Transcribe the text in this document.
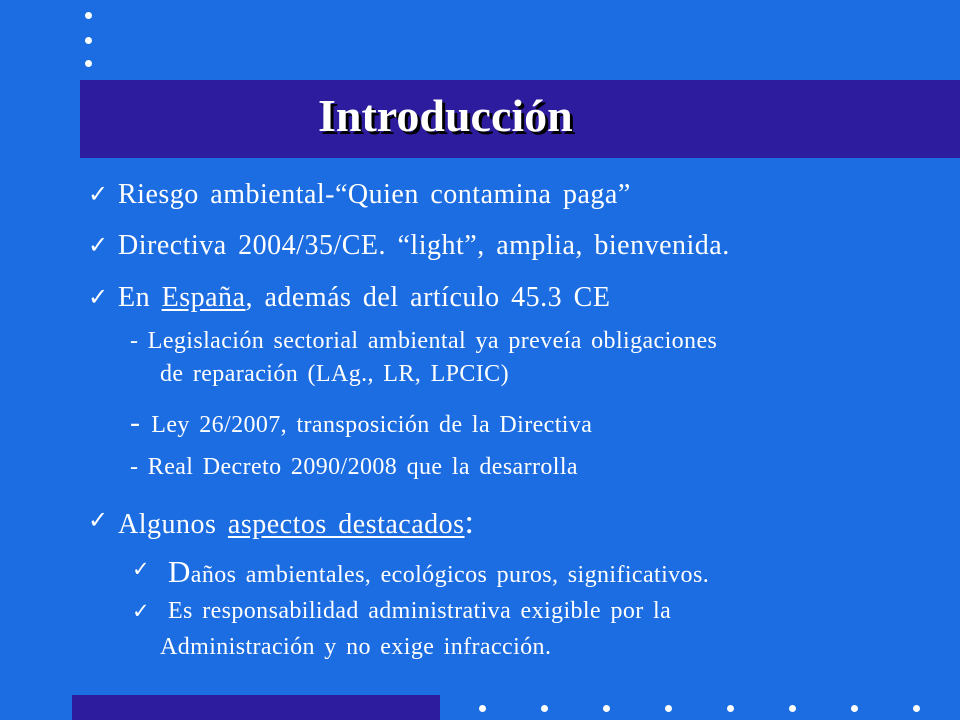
Introducción
✓ Riesgo ambiental-“Quien contamina paga”
✓ Directiva 2004/35/CE. “light”, amplia, bienvenida.
✓ En España, además del artículo 45.3 CE
- Legislación sectorial ambiental ya preveía obligaciones
de reparación (LAg., LR, LPCIC)
- Ley 26/2007, transposición de la Directiva
- Real Decreto 2090/2008 que la desarrolla
✓ Algunos aspectos destacados:
✓ Daños ambientales, ecológicos puros, significativos.
✓ Es responsabilidad administrativa exigible por la
Administración y no exige infracción.
